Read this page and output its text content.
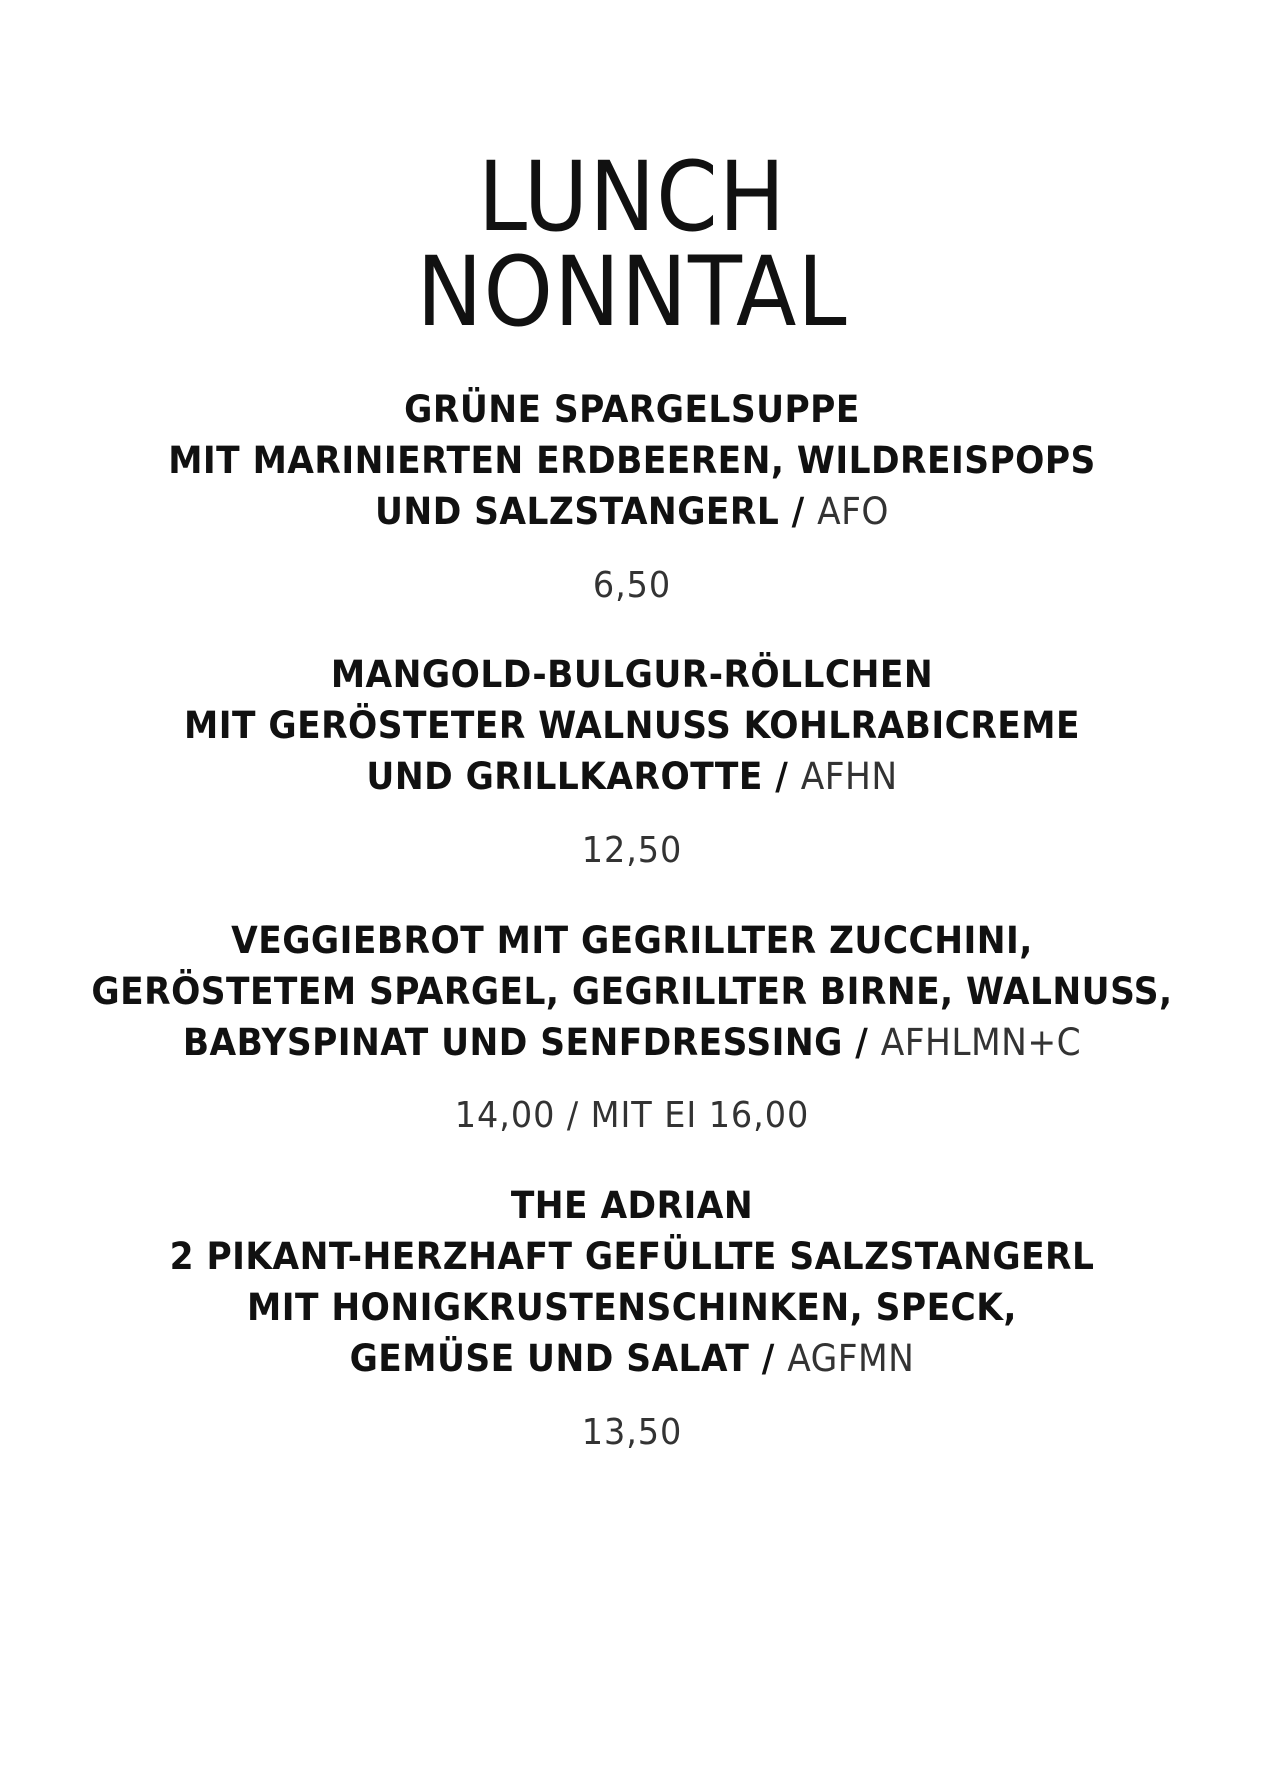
LUNCH
NONNTAL
GRÜNE SPARGELSUPPE
MIT MARINIERTEN ERDBEEREN, WILDREISPOPS
UND SALZSTANGERL / AFO
6,50
MANGOLD-BULGUR-RÖLLCHEN
MIT GERÖSTETER WALNUSS KOHLRABICREME
UND GRILLKAROTTE / AFHN
12,50
VEGGIEBROT MIT GEGRILLTER ZUCCHINI,
GERÖSTETEM SPARGEL, GEGRILLTER BIRNE, WALNUSS,
BABYSPINAT UND SENFDRESSING / AFHLMN+C
14,00 / MIT EI 16,00
THE ADRIAN
2 PIKANT-HERZHAFT GEFÜLLTE SALZSTANGERL
MIT HONIGKRUSTENSCHINKEN, SPECK,
GEMÜSE UND SALAT / AGFMN
13,50
